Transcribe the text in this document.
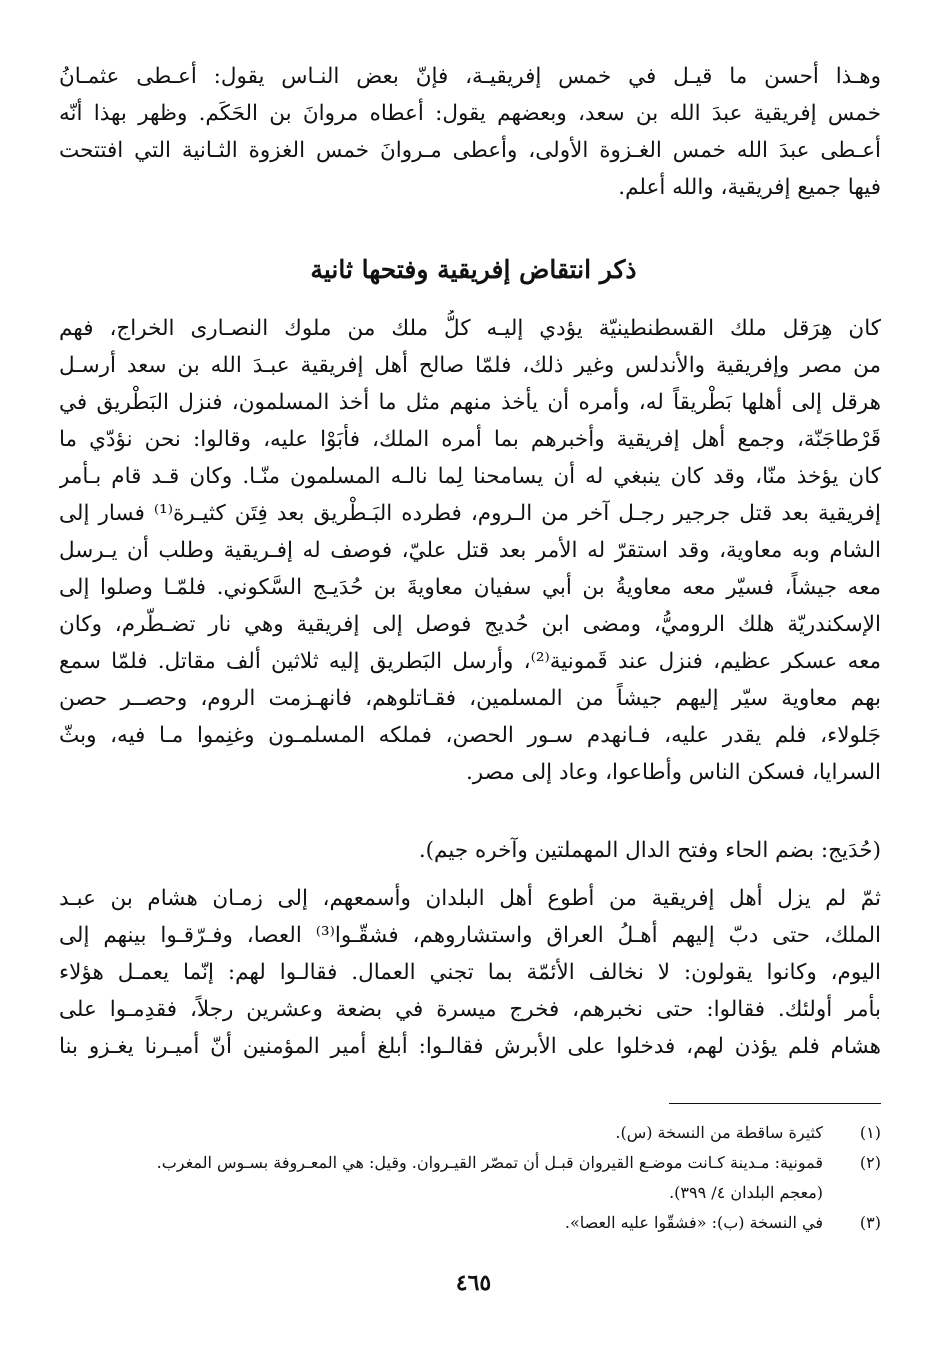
وهـذا أحسن ما قيـل في خمس إفريقيـة، فإنّ بعض النـاس يقول: أعـطى عثمـانُ
خمس إفريقية عبدَ الله بن سعد، وبعضهم يقول: أعطاه مروانَ بن الحَكَم. وظهر بهذا أنّه
أعـطى عبدَ الله خمس الغـزوة الأولى، وأعطى مـروانَ خمس الغزوة الثـانية التي افتتحت
فيها جميع إفريقية، والله أعلم.
ذكر انتقاض إفريقية وفتحها ثانية
كان هِرَقل ملك القسطنطينيّة يؤدي إليـه كلُّ ملك من ملوك النصـارى الخراج، فهم
من مصر وإفريقية والأندلس وغير ذلك، فلمّا صالح أهل إفريقية عبـدَ الله بن سعد أرسـل
هرقل إلى أهلها بَطْريقاً له، وأمره أن يأخذ منهم مثل ما أخذ المسلمون، فنزل البَطْريق في
قَرْطاجَنّة، وجمع أهل إفريقية وأخبرهم بما أمره الملك، فأبَوْا عليه، وقالوا: نحن نؤدّي ما
كان يؤخذ منّا، وقد كان ينبغي له أن يسامحنا لِما نالـه المسلمون منّـا. وكان قـد قام بـأمر
إفريقية بعد قتل جرجير رجـل آخر من الـروم، فطرده البَـطْريق بعد فِتَن كثيـرة⁽¹⁾ فسار إلى
الشام وبه معاوية، وقد استقرّ له الأمر بعد قتل عليّ، فوصف له إفـريقية وطلب أن يـرسل
معه جيشاً، فسيّر معه معاويةُ بن أبي سفيان معاويةَ بن حُدَيـج السَّكوني. فلمّـا وصلوا إلى
الإسكندريّة هلك الروميُّ، ومضى ابن حُديج فوصل إلى إفريقية وهي نار تضـطّرم، وكان
معه عسكر عظيم، فنزل عند قَمونية⁽²⁾، وأرسل البَطريق إليه ثلاثين ألف مقاتل. فلمّا سمع
بهم معاوية سيّر إليهم جيشاً من المسلمين، فقـاتلوهم، فانهـزمت الروم، وحصــر حصن
جَلولاء، فلم يقدر عليه، فـانهدم سـور الحصن، فملكه المسلمـون وغنِموا مـا فيه، وبثّ
السرايا، فسكن الناس وأطاعوا، وعاد إلى مصر.
(حُدَيج: بضم الحاء وفتح الدال المهملتين وآخره جيم).
ثمّ لم يزل أهل إفريقية من أطوع أهل البلدان وأسمعهم، إلى زمـان هشام بن عبـد
الملك، حتى دبّ إليهم أهـلُ العراق واستشاروهم، فشقّـوا⁽³⁾ العصا، وفـرّقـوا بينهم إلى
اليوم، وكانوا يقولون: لا نخالف الأئمّة بما تجني العمال. فقالـوا لهم: إنّما يعمـل هؤلاء
بأمر أولئك. فقالوا: حتى نخبرهم، فخرج ميسرة في بضعة وعشرين رجلاً، فقدِمـوا على
هشام فلم يؤذن لهم، فدخلوا على الأبرش فقالـوا: أبلغ أمير المؤمنين أنّ أميـرنا يغـزو بنا
(١)
كثيرة ساقطة من النسخة (س).
(٢)
قمونية: مـدينة كـانت موضـع القيروان قبـل أن تمصّر القيـروان. وقيل: هي المعـروفة بسـوس المغرب.
(معجم البلدان ٤/ ٣٩٩).
(٣)
في النسخة (ب): «فشقّوا عليه العصا».
٤٦٥
